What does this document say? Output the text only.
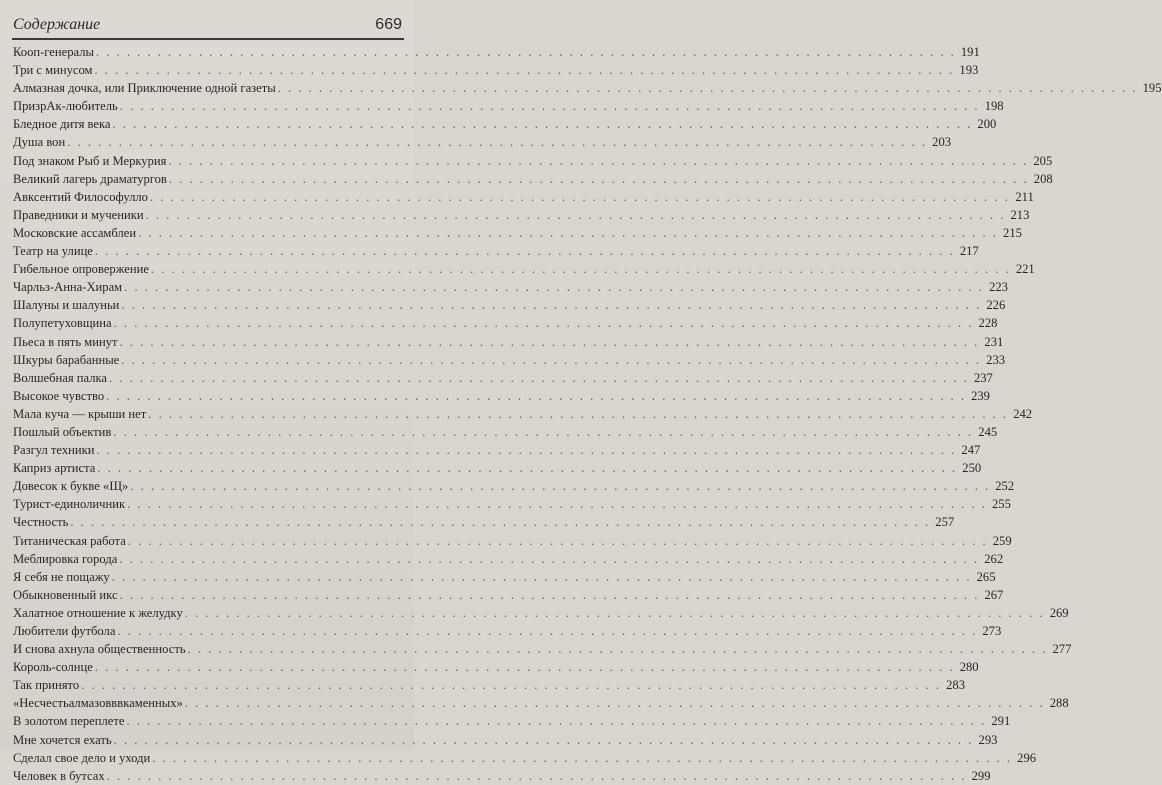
Содержание	669
Кооп-генералы . . .	191
Три с минусом . . .	193
Алмазная дочка, или Приключение одной газеты . . .	195
ПризрАк-любитель . . .	198
Бледное дитя века . . .	200
Душа вон . . .	203
Под знаком Рыб и Меркурия . . .	205
Великий лагерь драматургов . . .	208
Авксентий Философулло . . .	211
Праведники и мученики . . .	213
Московские ассамблеи . . .	215
Театр на улице . . .	217
Гибельное опровержение . . .	221
Чарльз-Анна-Хирам . . .	223
Шалуны и шалуньи . . .	226
Полупетуховщина . . .	228
Пьеса в пять минут . . .	231
Шкуры барабанные . . .	233
Волшебная палка . . .	237
Высокое чувство . . .	239
Мала куча — крыши нет . . .	242
Пошлый объектив . . .	245
Разгул техники . . .	247
Каприз артиста . . .	250
Довесок к букве «Щ» . . .	252
Турист-единоличник . . .	255
Честность . . .	257
Титаническая работа . . .	259
Меблировка города . . .	262
Я себя не пощажу . . .	265
Обыкновенный икс . . .	267
Халатное отношение к желудку . . .	269
Любители футбола . . .	273
И снова ахнула общественность . . .	277
Король-солнце . . .	280
Так принято . . .	283
«Несчестьалмазовввкаменных» . . .	288
В золотом переплете . . .	291
Мне хочется ехать . . .	293
Сделал свое дело и уходи . . .	296
Человек в бутсах . . .	299
